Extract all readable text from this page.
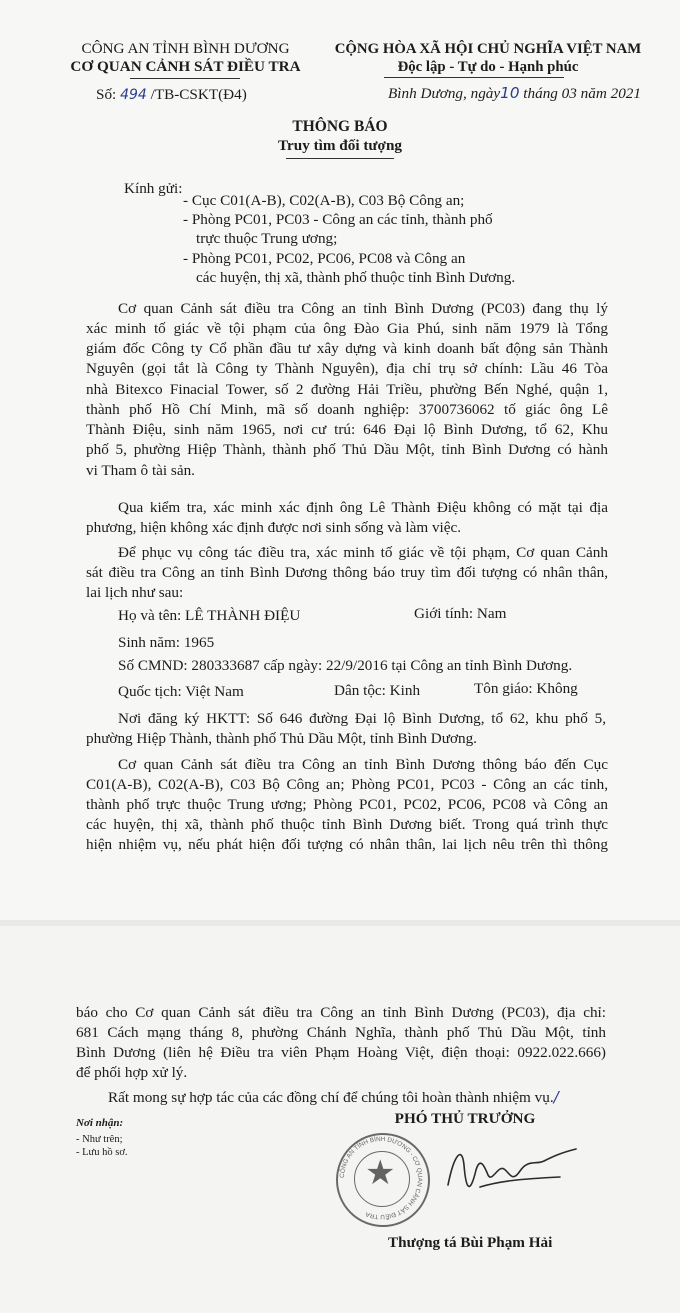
CÔNG AN TỈNH BÌNH DƯƠNG
CƠ QUAN CẢNH SÁT ĐIỀU TRA
Số: 494 /TB-CSKT(Đ4)
CỘNG HÒA XÃ HỘI CHỦ NGHĨA VIỆT NAM
Độc lập - Tự do - Hạnh phúc
Bình Dương, ngày10 tháng 03 năm 2021
THÔNG BÁO
Truy tìm đối tượng
Kính gửi:
- Cục C01(A-B), C02(A-B), C03 Bộ Công an;
- Phòng PC01, PC03 - Công an các tỉnh, thành phố
trực thuộc Trung ương;
- Phòng PC01, PC02, PC06, PC08 và Công an
các huyện, thị xã, thành phố thuộc tỉnh Bình Dương.
Cơ quan Cảnh sát điều tra Công an tỉnh Bình Dương (PC03) đang thụ lý
xác minh tố giác về tội phạm của ông Đào Gia Phú, sinh năm 1979 là Tổng
giám đốc Công ty Cổ phần đầu tư xây dựng và kinh doanh bất động sản Thành
Nguyên (gọi tắt là Công ty Thành Nguyên), địa chỉ trụ sở chính: Lầu 46 Tòa
nhà Bitexco Finacial Tower, số 2 đường Hải Triều, phường Bến Nghé, quận 1,
thành phố Hồ Chí Minh, mã số doanh nghiệp: 3700736062 tố giác ông Lê
Thành Điệu, sinh năm 1965, nơi cư trú: 646 Đại lộ Bình Dương, tổ 62, Khu
phố 5, phường Hiệp Thành, thành phố Thủ Dầu Một, tỉnh Bình Dương có hành
vi Tham ô tài sản.
Qua kiểm tra, xác minh xác định ông Lê Thành Điệu không có mặt tại địa
phương, hiện không xác định được nơi sinh sống và làm việc.
Để phục vụ công tác điều tra, xác minh tố giác về tội phạm, Cơ quan Cảnh
sát điều tra Công an tỉnh Bình Dương thông báo truy tìm đối tượng có nhân thân,
lai lịch như sau:
Họ và tên: LÊ THÀNH ĐIỆU	Giới tính: Nam
Sinh năm: 1965
Số CMND: 280333687 cấp ngày: 22/9/2016 tại Công an tỉnh Bình Dương.
Quốc tịch: Việt Nam	Dân tộc: Kinh	Tôn giáo: Không
Nơi đăng ký HKTT: Số 646 đường Đại lộ Bình Dương, tổ 62, khu phố 5,
phường Hiệp Thành, thành phố Thủ Dầu Một, tỉnh Bình Dương.
Cơ quan Cảnh sát điều tra Công an tỉnh Bình Dương thông báo đến Cục
C01(A-B), C02(A-B), C03 Bộ Công an; Phòng PC01, PC03 - Công an các tỉnh,
thành phố trực thuộc Trung ương; Phòng PC01, PC02, PC06, PC08 và Công an
các huyện, thị xã, thành phố thuộc tỉnh Bình Dương biết. Trong quá trình thực
hiện nhiệm vụ, nếu phát hiện đối tượng có nhân thân, lai lịch nêu trên thì thông
báo cho Cơ quan Cảnh sát điều tra Công an tỉnh Bình Dương (PC03), địa chỉ:
681 Cách mạng tháng 8, phường Chánh Nghĩa, thành phố Thủ Dầu Một, tỉnh
Bình Dương (liên hệ Điều tra viên Phạm Hoàng Việt, điện thoại: 0922.022.666)
để phối hợp xử lý.
Rất mong sự hợp tác của các đồng chí để chúng tôi hoàn thành nhiệm vụ./
Nơi nhận:
- Như trên;
- Lưu hồ sơ.
PHÓ THỦ TRƯỞNG
CÔNG AN TỈNH BÌNH DƯƠNG - CƠ QUAN CẢNH SÁT ĐIỀU TRA
★
Thượng tá Bùi Phạm Hải
